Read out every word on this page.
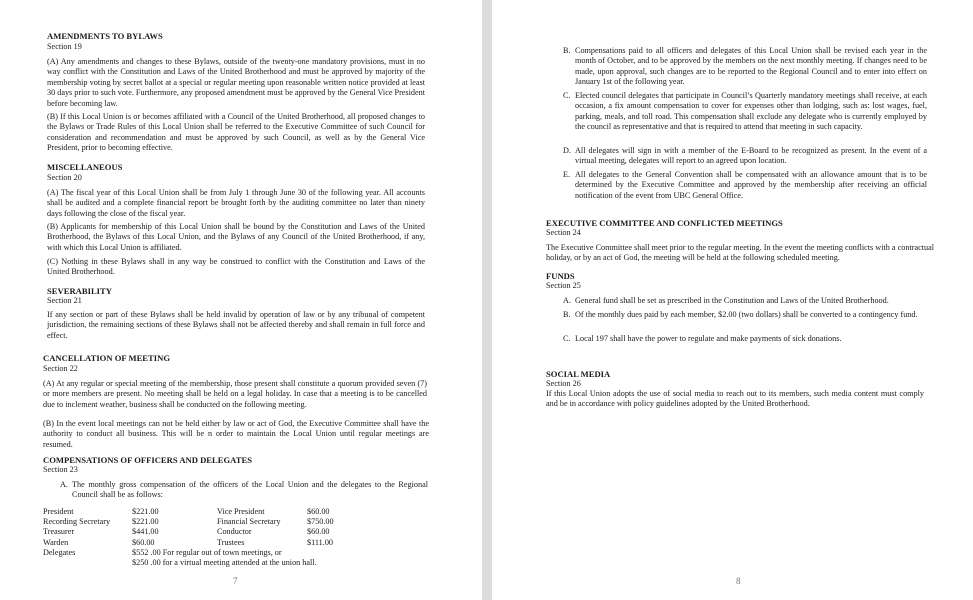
AMENDMENTS TO BYLAWS
Section 19
(A) Any amendments and changes to these Bylaws, outside of the twenty-one mandatory provisions, must in no way conflict with the Constitution and Laws of the United Brotherhood and must be approved by majority of the membership voting by secret ballot at a special or regular meeting upon reasonable written notice provided at least 30 days prior to such vote. Furthermore, any proposed amendment must be approved by the General Vice President before becoming law.
(B) If this Local Union is or becomes affiliated with a Council of the United Brotherhood, all proposed changes to the Bylaws or Trade Rules of this Local Union shall be referred to the Executive Committee of such Council for consideration and recommendation and must be approved by such Council, as well as by the General Vice President, prior to becoming effective.
MISCELLANEOUS
Section 20
(A) The fiscal year of this Local Union shall be from July 1 through June 30 of the following year. All accounts shall be audited and a complete financial report be brought forth by the auditing committee no later than ninety days following the close of the fiscal year.
(B) Applicants for membership of this Local Union shall be bound by the Constitution and Laws of the United Brotherhood, the Bylaws of this Local Union, and the Bylaws of any Council of the United Brotherhood, if any, with which this Local Union is affiliated.
(C) Nothing in these Bylaws shall in any way be construed to conflict with the Constitution and Laws of the United Brotherhood.
SEVERABILITY
Section 21
If any section or part of these Bylaws shall be held invalid by operation of law or by any tribunal of competent jurisdiction, the remaining sections of these Bylaws shall not be affected thereby and shall remain in full force and effect.
CANCELLATION OF MEETING
Section 22
(A) At any regular or special meeting of the membership, those present shall constitute a quorum provided seven (7) or more members are present. No meeting shall be held on a legal holiday. In case that a meeting is to be cancelled due to inclement weather, business shall be conducted on the following meeting.
(B) In the event local meetings can not be held either by law or act of God, the Executive Committee shall have the authority to conduct all business. This will be n order to maintain the Local Union until regular meetings are resumed.
COMPENSATIONS OF OFFICERS AND DELEGATES
Section 23
A. The monthly gross compensation of the officers of the Local Union and the delegates to the Regional Council shall be as follows:
President	$221.00	Vice President	$60.00
Recording Secretary	$221.00	Financial Secretary	$750.00
Treasurer	$441.00	Conductor	$60.00
Warden	$60.00	Trustees	$111.00
Delegates	$552 .00 For regular out of town meetings, or		
	$250 .00 for a virtual meeting attended at the union hall.		
7
B. Compensations paid to all officers and delegates of this Local Union shall be revised each year in the month of October, and to be approved by the members on the next monthly meeting. If changes need to be made, upon approval, such changes are to be reported to the Regional Council and to enter into effect on January 1st of the following year.
C. Elected council delegates that participate in Council’s Quarterly mandatory meetings shall receive, at each occasion, a fix amount compensation to cover for expenses other than lodging, such as: lost wages, fuel, parking, meals, and toll road. This compensation shall exclude any delegate who is currently employed by the council as representative and that is required to attend that meeting in such capacity.
D. All delegates will sign in with a member of the E-Board to be recognized as present. In the event of a virtual meeting, delegates will report to an agreed upon location.
E. All delegates to the General Convention shall be compensated with an allowance amount that is to be determined by the Executive Committee and approved by the membership after receiving an official notification of the event from UBC General Office.
EXECUTIVE COMMITTEE AND CONFLICTED MEETINGS
Section 24
The Executive Committee shall meet prior to the regular meeting. In the event the meeting conflicts with a contractual holiday, or by an act of God, the meeting will be held at the following scheduled meeting.
FUNDS
Section 25
A. General fund shall be set as prescribed in the Constitution and Laws of the United Brotherhood.
B. Of the monthly dues paid by each member, $2.00 (two dollars) shall be converted to a contingency fund.
C. Local 197 shall have the power to regulate and make payments of sick donations.
SOCIAL MEDIA
Section 26
If this Local Union adopts the use of social media to reach out to its members, such media content must comply and be in accordance with policy guidelines adopted by the United Brotherhood.
8
